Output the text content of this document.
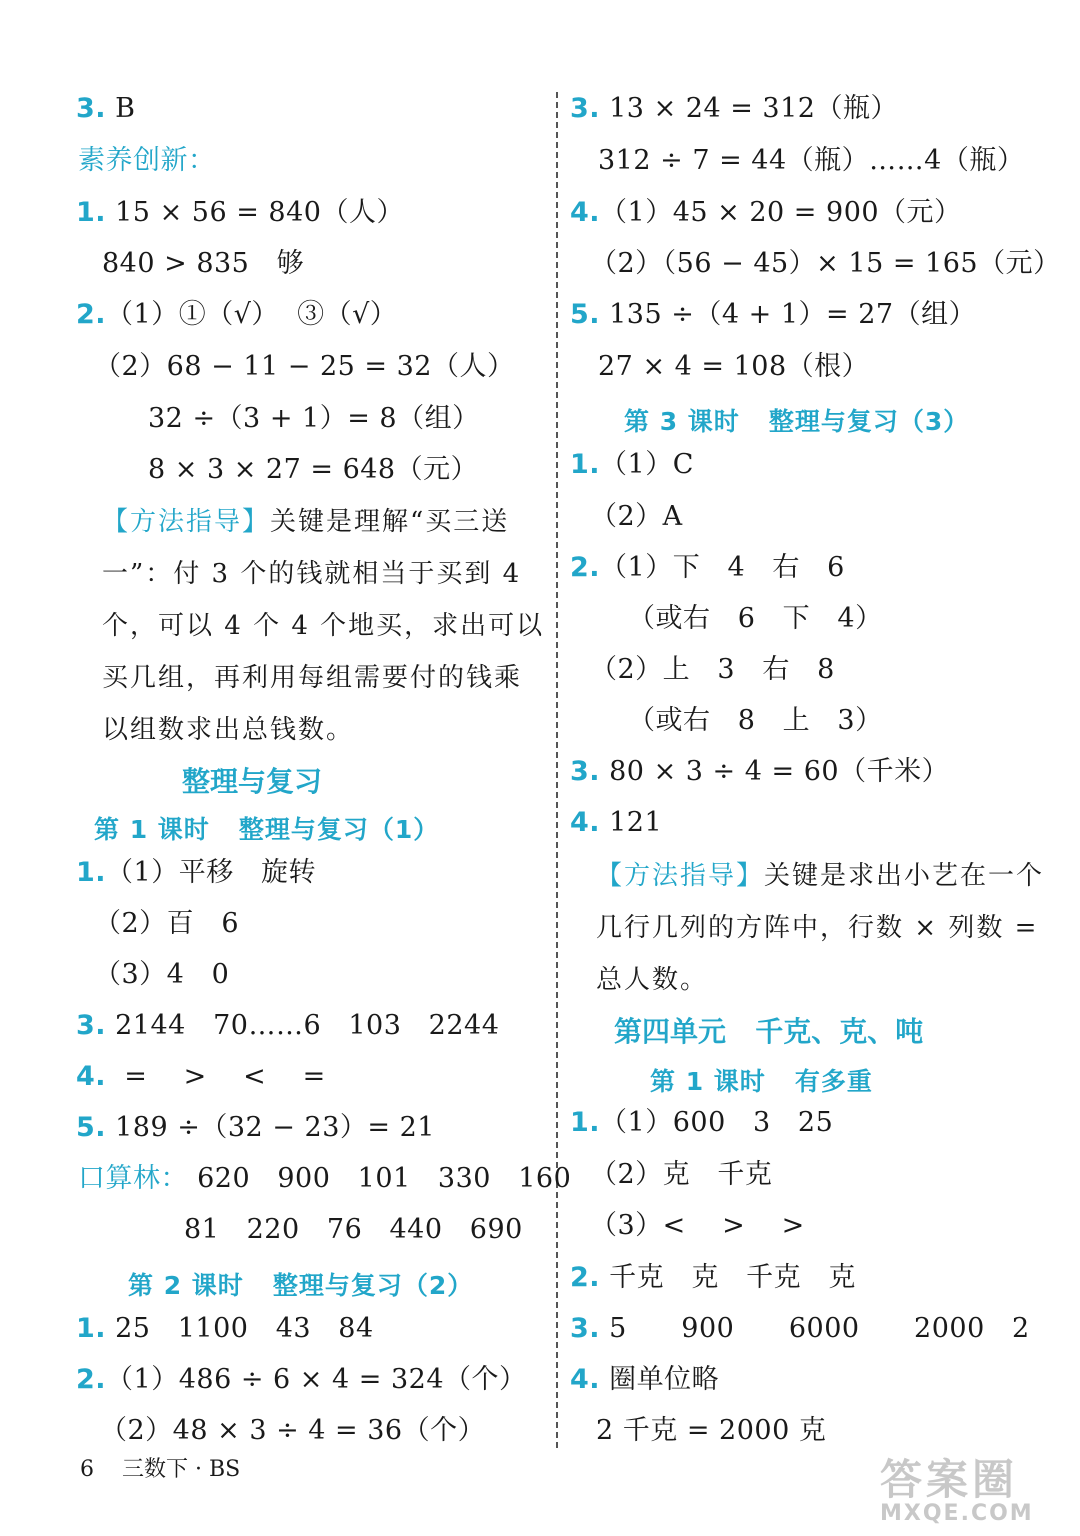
3. B
素养创新：
1. 15 × 56 = 840（人）
840 > 835   够
2.（1）①（√）  ③（√）
（2）68 − 11 − 25 = 32（人）
32 ÷（3 + 1）= 8（组）
8 × 3 × 27 = 648（元）
【方法指导】关键是理解“买三送一”：付 3 个的钱就相当于买到 4 个，可以 4 个 4 个地买，求出可以买几组，再利用每组需要付的钱乘以组数求出总钱数。
整理与复习
第 1 课时   整理与复习（1）
1.（1）平移   旋转
（2）百   6
（3）4   0
3. 2144   70……6   103   2244
4.  =    >    <    =
5. 189 ÷（32 − 23）= 21
口算林： 620   900   101   330   160
81   220   76   440   690
第 2 课时   整理与复习（2）
1. 25   1100   43   84
2.（1）486 ÷ 6 × 4 = 324（个）
（2）48 × 3 ÷ 4 = 36（个）
3. 13 × 24 = 312（瓶）
312 ÷ 7 = 44（瓶）……4（瓶）
4.（1）45 × 20 = 900（元）
（2）（56 − 45）× 15 = 165（元）
5. 135 ÷（4 + 1）= 27（组）
27 × 4 = 108（根）
第 3 课时   整理与复习（3）
1.（1）C
（2）A
2.（1）下   4   右   6
（或右   6   下   4）
（2）上   3   右   8
（或右   8   上   3）
3. 80 × 3 ÷ 4 = 60（千米）
4. 121
【方法指导】关键是求出小艺在一个几行几列的方阵中，行数 × 列数 = 总人数。
第四单元   千克、克、吨
第 1 课时   有多重
1.（1）600   3   25
（2）克   千克
（3）<    >    >
2. 千克   克   千克   克
3. 5      900      6000      2000   2
4. 圈单位略
2 千克 = 2000 克
6 三数下 · BS	答案圈
MXQE.COM
